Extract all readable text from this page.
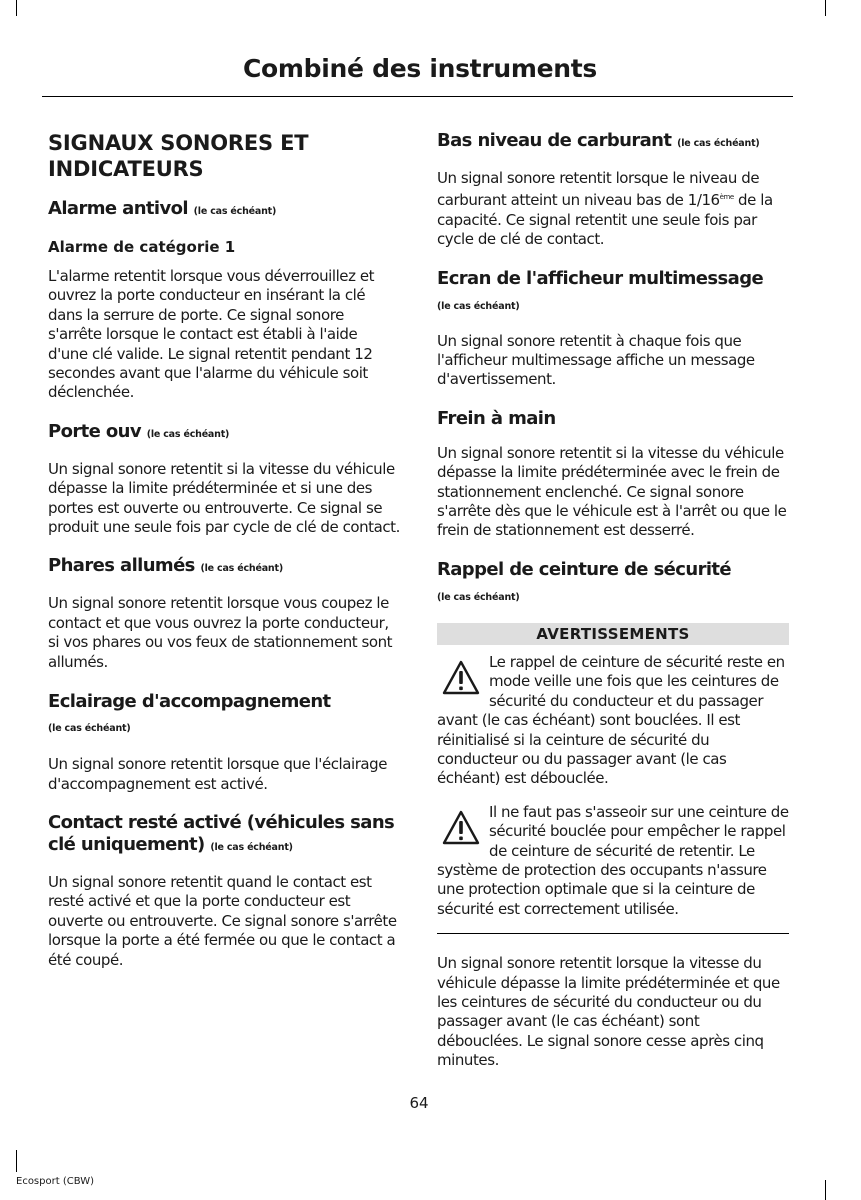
Combiné des instruments
SIGNAUX SONORES ET INDICATEURS
Alarme antivol (le cas échéant)
Alarme de catégorie 1

L'alarme retentit lorsque vous déverrouillez et ouvrez la porte conducteur en insérant la clé dans la serrure de porte. Ce signal sonore s'arrête lorsque le contact est établi à l'aide d'une clé valide. Le signal retentit pendant 12 secondes avant que l'alarme du véhicule soit déclenchée.

Porte ouv (le cas échéant)

Un signal sonore retentit si la vitesse du véhicule dépasse la limite prédéterminée et si une des portes est ouverte ou entrouverte. Ce signal se produit une seule fois par cycle de clé de contact.

Phares allumés (le cas échéant)

Un signal sonore retentit lorsque vous coupez le contact et que vous ouvrez la porte conducteur, si vos phares ou vos feux de stationnement sont allumés.

Eclairage d'accompagnement (le cas échéant)

Un signal sonore retentit lorsque que l'éclairage d'accompagnement est activé.

Contact resté activé (véhicules sans clé uniquement) (le cas échéant)

Un signal sonore retentit quand le contact est resté activé et que la porte conducteur est ouverte ou entrouverte. Ce signal sonore s'arrête lorsque la porte a été fermée ou que le contact a été coupé.

Bas niveau de carburant (le cas échéant)

Un signal sonore retentit lorsque le niveau de carburant atteint un niveau bas de 1/16ème de la capacité. Ce signal retentit une seule fois par cycle de clé de contact.

Ecran de l'afficheur multimessage
(le cas échéant)

Un signal sonore retentit à chaque fois que l'afficheur multimessage affiche un message d'avertissement.

Frein à main

Un signal sonore retentit si la vitesse du véhicule dépasse la limite prédéterminée avec le frein de stationnement enclenché. Ce signal sonore s'arrête dès que le véhicule est à l'arrêt ou que le frein de stationnement est desserré.

Rappel de ceinture de sécurité
(le cas échéant)
AVERTISSEMENTS

Le rappel de ceinture de sécurité reste en mode veille une fois que les ceintures de sécurité du conducteur et du passager avant (le cas échéant) sont bouclées. Il est réinitialisé si la ceinture de sécurité du conducteur ou du passager avant (le cas échéant) est débouclée.

Il ne faut pas s'asseoir sur une ceinture de sécurité bouclée pour empêcher le rappel de ceinture de sécurité de retentir. Le système de protection des occupants n'assure une protection optimale que si la ceinture de sécurité est correctement utilisée.

Un signal sonore retentit lorsque la vitesse du véhicule dépasse la limite prédéterminée et que les ceintures de sécurité du conducteur ou du passager avant (le cas échéant) sont débouclées. Le signal sonore cesse après cinq minutes.

64
Ecosport (CBW)
